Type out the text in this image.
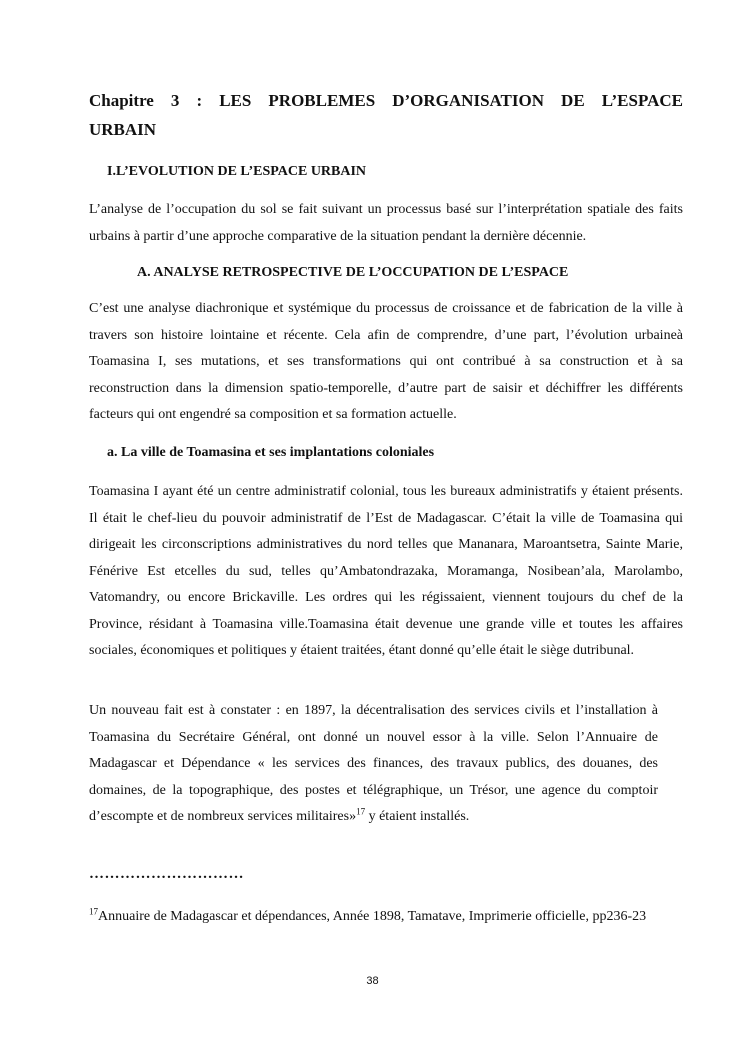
Chapitre 3 : LES PROBLEMES D’ORGANISATION DE L’ESPACE
URBAIN
I.L’EVOLUTION DE L’ESPACE URBAIN

L’analyse de l’occupation du sol se fait suivant un processus basé sur l’interprétation spatiale des faits urbains à partir d’une approche comparative de la situation pendant la dernière décennie.

A. ANALYSE RETROSPECTIVE DE L’OCCUPATION DE L’ESPACE

C’est une analyse diachronique et systémique du processus de croissance et de fabrication de la ville à travers son histoire lointaine et récente. Cela afin de comprendre, d’une part, l’évolution urbaineà Toamasina I, ses mutations, et ses transformations qui ont contribué à sa construction et à sa reconstruction dans la dimension spatio-temporelle, d’autre part de saisir et déchiffrer les différents facteurs qui ont engendré sa composition et sa formation actuelle.

a. La ville de Toamasina et ses implantations coloniales

Toamasina I ayant été un centre administratif colonial, tous les bureaux administratifs y étaient présents. Il était le chef-lieu du pouvoir administratif de l’Est de Madagascar. C’était la ville de Toamasina qui dirigeait les circonscriptions administratives du nord telles que Mananara, Maroantsetra, Sainte Marie, Fénérive Est etcelles du sud, telles qu’Ambatondrazaka, Moramanga, Nosibean’ala, Marolambo, Vatomandry, ou encore Brickaville. Les ordres qui les régissaient, viennent toujours du chef de la Province, résidant à Toamasina ville.Toamasina était devenue une grande ville et toutes les affaires sociales, économiques et politiques y étaient traitées, étant donné qu’elle était le siège dutribunal.

Un nouveau fait est à constater : en 1897, la décentralisation des services civils et l’installation à Toamasina du Secrétaire Général, ont donné un nouvel essor à la ville. Selon l’Annuaire de Madagascar et Dépendance « les services des finances, des travaux publics, des douanes, des domaines, de la topographique, des postes et télégraphique, un Trésor, une agence du comptoir d’escompte et de nombreux services militaires»$^{17}$ y étaient installés.

…………………………

$^{17}$Annuaire de Madagascar et dépendances, Année 1898, Tamatave, Imprimerie officielle, pp236-23

38
